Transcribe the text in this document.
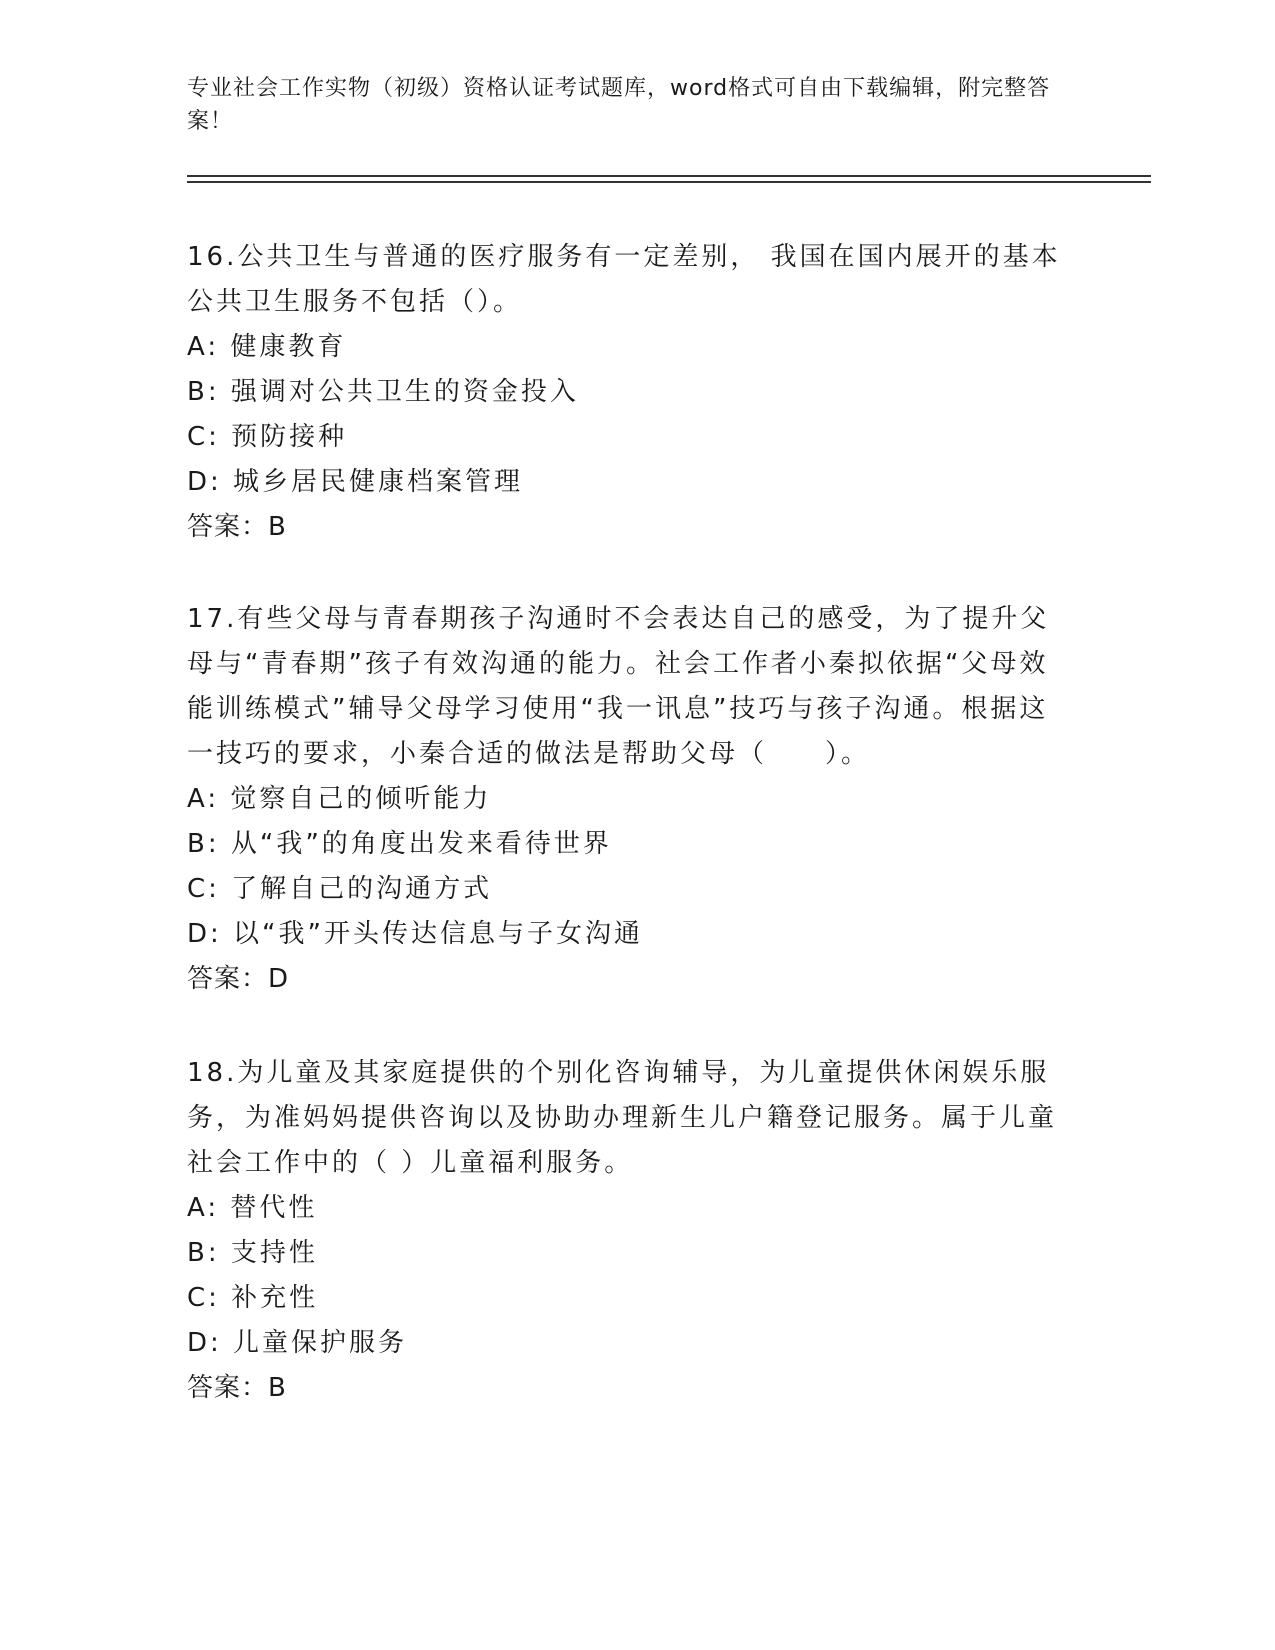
专业社会工作实物（初级）资格认证考试题库，word格式可自由下载编辑，附完整答案！

16.公共卫生与普通的医疗服务有一定差别， 我国在国内展开的基本公共卫生服务不包括（）。

A: 健康教育

B: 强调对公共卫生的资金投入

C: 预防接种

D: 城乡居民健康档案管理

答案：B

17.有些父母与青春期孩子沟通时不会表达自己的感受，为了提升父母与“青春期”孩子有效沟通的能力。社会工作者小秦拟依据“父母效能训练模式”辅导父母学习使用“我一讯息”技巧与孩子沟通。根据这一技巧的要求，小秦合适的做法是帮助父母（　　）。

A: 觉察自己的倾听能力

B: 从“我”的角度出发来看待世界

C: 了解自己的沟通方式

D: 以“我”开头传达信息与子女沟通

答案：D

18.为儿童及其家庭提供的个别化咨询辅导，为儿童提供休闲娱乐服务，为准妈妈提供咨询以及协助办理新生儿户籍登记服务。属于儿童社会工作中的（ ）儿童福利服务。

A: 替代性

B: 支持性

C: 补充性

D: 儿童保护服务

答案：B
